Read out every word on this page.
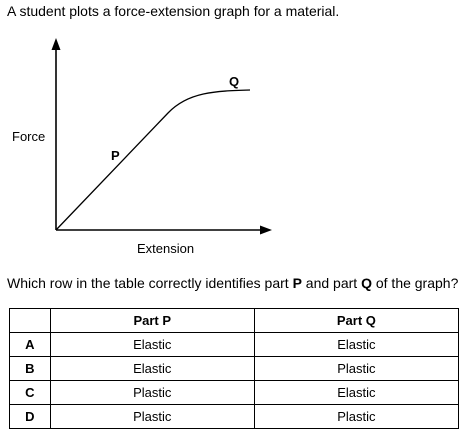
A student plots a force-extension graph for a material.
Force
Extension
P
Q
Which row in the table correctly identifies part P and part Q of the graph?
	Part P	Part Q
A	Elastic	Elastic
B	Elastic	Plastic
C	Plastic	Elastic
D	Plastic	Plastic
